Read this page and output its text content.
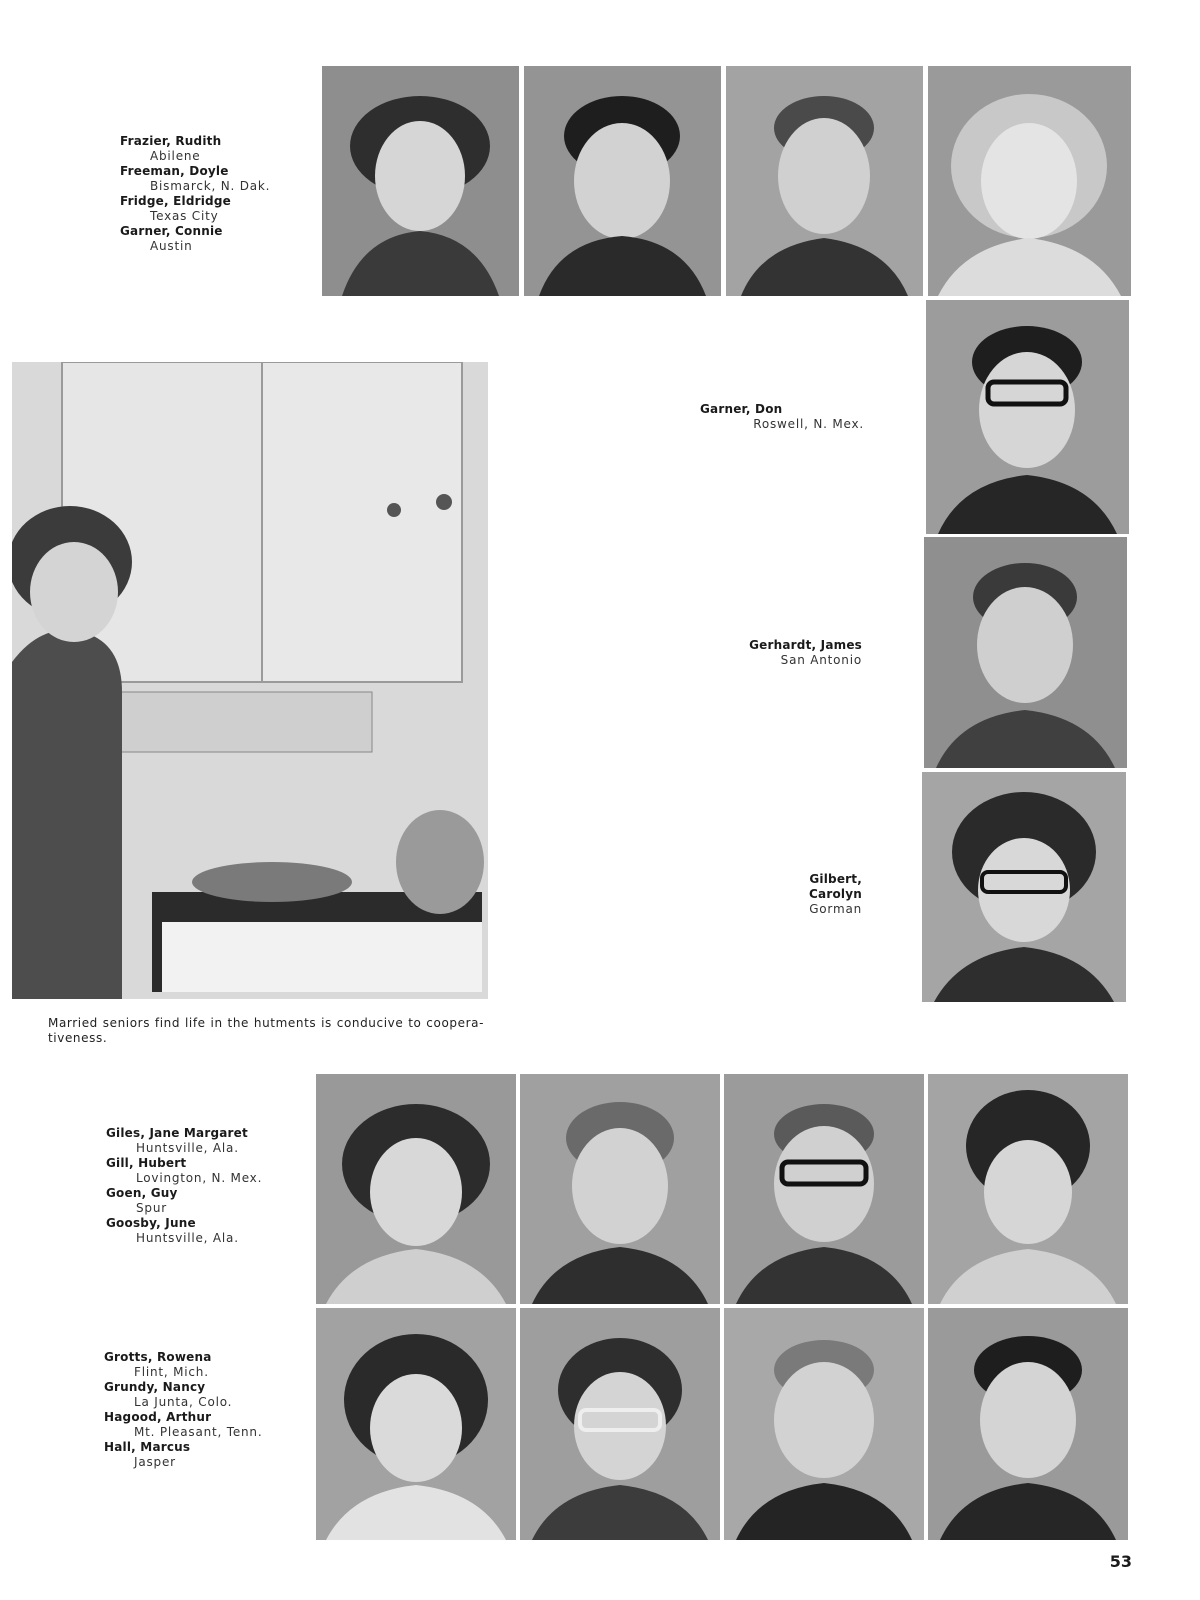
Frazier, Rudith
Abilene
Freeman, Doyle
Bismarck, N. Dak.
Fridge, Eldridge
Texas City
Garner, Connie
Austin
Garner, Don
Roswell, N. Mex.
Gerhardt, James
San Antonio
Gilbert, Carolyn
Gorman
Married seniors find life in the hutments is conducive to coopera- tiveness.
Giles, Jane Margaret
Huntsville, Ala.
Gill, Hubert
Lovington, N. Mex.
Goen, Guy
Spur
Goosby, June
Huntsville, Ala.
Grotts, Rowena
Flint, Mich.
Grundy, Nancy
La Junta, Colo.
Hagood, Arthur
Mt. Pleasant, Tenn.
Hall, Marcus
Jasper
53
